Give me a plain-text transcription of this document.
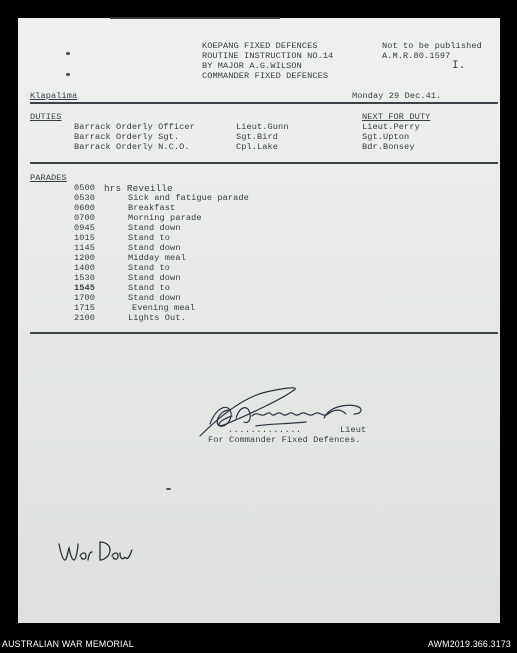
KOEPANG FIXED DEFENCES
ROUTINE INSTRUCTION NO.14
BY MAJOR A.G.WILSON
COMMANDER FIXED DEFENCES
Not to be published
A.M.R.80.1597
I.
Klapalima	Monday 29 Dec.41.
DUTIES	NEXT FOR DUTY
Barrack Orderly Officer	Lieut.Gunn	Lieut.Perry
Barrack Orderly Sgt.	Sgt.Bird	Sgt.Upton
Barrack Orderly N.C.O.	Cpl.Lake	Bdr.Bonsey
PARADES
0500 hrs Reveille
0530	Sick and fatigue parade
0600	Breakfast
0700	Morning parade
0945	Stand down
1015	Stand to
1145	Stand down
1200	Midday meal
1400	Stand to
1530	Stand down
1545	Stand to
1700	Stand down
1715	Evening meal
2100	Lights Out.
.............	Lieut
For Commander Fixed Defences.
AUSTRALIAN WAR MEMORIAL	AWM2019.366.3173
